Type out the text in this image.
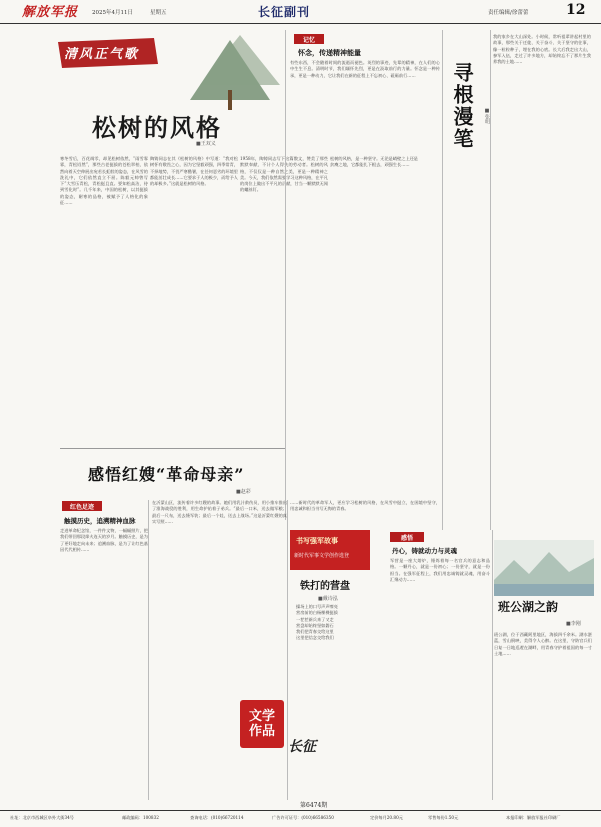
解放军报	2025年4月11日	星期五	长征副刊	责任编辑/徐蕾蕾	12
清风正气歌
松树的风格
■王双义
寒冬雪后，百花凋零，却见松树依然，“雨雪霏霏，青松岿然”，那些古老挺拔的苍松翠柏，依然向着天空伸展出宛若长虹般的姿态，在风雪的洗礼中，它们依然直立不屈。陈毅元帅曾写下“大雪压青松，青松挺且直。要知松高洁，待到雪化时”。几千年来，中国的松树，以其挺拔的姿态，耐寒的品格，被赋予了人格化的象征……
陶铸同志在其《松树的风格》中写道：“我对松树怀有敬畏之心，因为它坚毅顽强，四季常青，不择地势，不畏严寒酷暑，在任何恶劣的环境里都能茁壮成长……它要求于人的极少，而给予人的却极多。”这就是松树的风格。
1958年，陶铸同志写下这篇散文，赞美了那些默默奉献、不计个人得失的劳动者。松树的风格，不仅仅是一种自然之美，更是一种精神之美。今天，我们依然需要学习这种风格，在平凡的岗位上做出不平凡的贡献，甘当一颗默默无闻的螺丝钉。
松树的风格，是一种坚守。无论是峭壁之上还是贫瘠之地，它都能扎下根去，顽强生长……
记忆
怀念，传递精神能量
有些东西，不会随着时间的流逝而褪色。英烈的事迹，先辈的精神，在人们的心中生生不息。清明时节，我们缅怀先烈，更是在汲取前行的力量。怀念是一种传承，更是一种动力，它让我们在新的征程上不忘初心、砥砺前行……	寻根漫笔 ■张明
我的家乡在大山深处。小时候，常听祖辈讲起村里的故事，那些关于迁徙、关于奋斗、关于坚守的往事，像一粒粒种子，埋在我的心底。长大后我走出大山，参军入伍，走过了许多地方，却始终忘不了那片生我养我的土地……
感悟红嫂“革命母亲”
■赵彩
红色足迹
触摸历史，追溯精神血脉
走进革命纪念馆，一件件文物，一幅幅照片，把我们带回那段烽火连天的岁月。触摸历史，是为了更好地走向未来；追溯血脉，是为了让红色基因代代相传……
在沂蒙山区，流传着许多红嫂的故事。她们用乳汁救伤员，用小推车推出了淮海战役的胜利，用生命护佑着子弟兵。“最后一口米，送去做军粮；最后一尺布，送去缝军装；最后一个娃，送去上战场。”这是沂蒙红嫂的真实写照……
……新时代的革命军人，更应学习松树的风格，在风雪中挺立，在困境中坚守，用忠诚和担当书写无悔的青春。
书写强军故事
新时代军事文学创作选登
铁打的营盘
■戴诗泓
操场上的口号声声嘹亮
营房前的白杨棵棵挺拔
一茬茬新兵来了又走
营盘却始终坚如磐石
我们把青春交给这里
这里把信念交给我们
文学作品
长征
第6474期
感悟
丹心，铸就动力与灵魂
军营是一座大熔炉，锤炼着每一名官兵的意志和品格。一颗丹心，就是一份初心；一份坚守，就是一份担当。在强军征程上，我们用忠诚铸就灵魂，用奋斗汇聚动力……
班公湖之韵
■李刚
班公湖，位于西藏阿里地区，海拔四千余米。湖水湛蓝，雪山倒映，美得令人心醉。在这里，守防官兵们日复一日地巡逻在湖畔，用青春守护着祖国的每一寸土地……
社址：北京市西城区阜外大街34号	邮政编码：100832	查询电话：(010)66720114	广告许可证号：(010)66586350	定价每月20.80元	零售每份1.50元	本报印刷：解放军报社印刷厂
